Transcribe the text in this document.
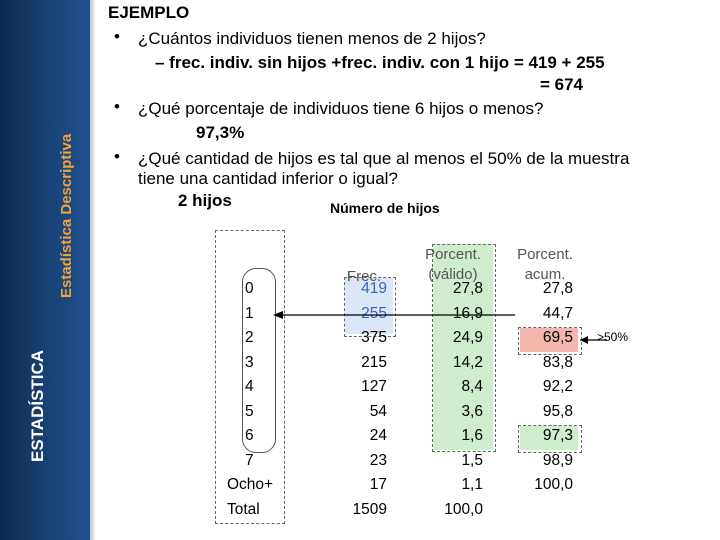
ESTADÍSTICA
Estadística Descriptiva
EJEMPLO
• ¿Cuántos individuos tienen menos de 2 hijos?
– frec. indiv. sin hijos +frec. indiv. con 1 hijo = 419 + 255
= 674
• ¿Qué porcentaje de individuos tiene 6 hijos o menos?
97,3%
• ¿Qué cantidad de hijos es tal que al menos el 50% de la muestra
tiene una cantidad inferior o igual?
2 hijos	Número de hijos
Frec.
Porcent.
(válido)
Porcent.
acum.
0	419	27,8	27,8
1	255	16,9	44,7
2	375	24,9	69,5
3	215	14,2	83,8
4	127	8,4	92,2
5	54	3,6	95,8
6	24	1,6	97,3
7	23	1,5	98,9
Ocho+	17	1,1	100,0
Total	1509	100,0
>50%
